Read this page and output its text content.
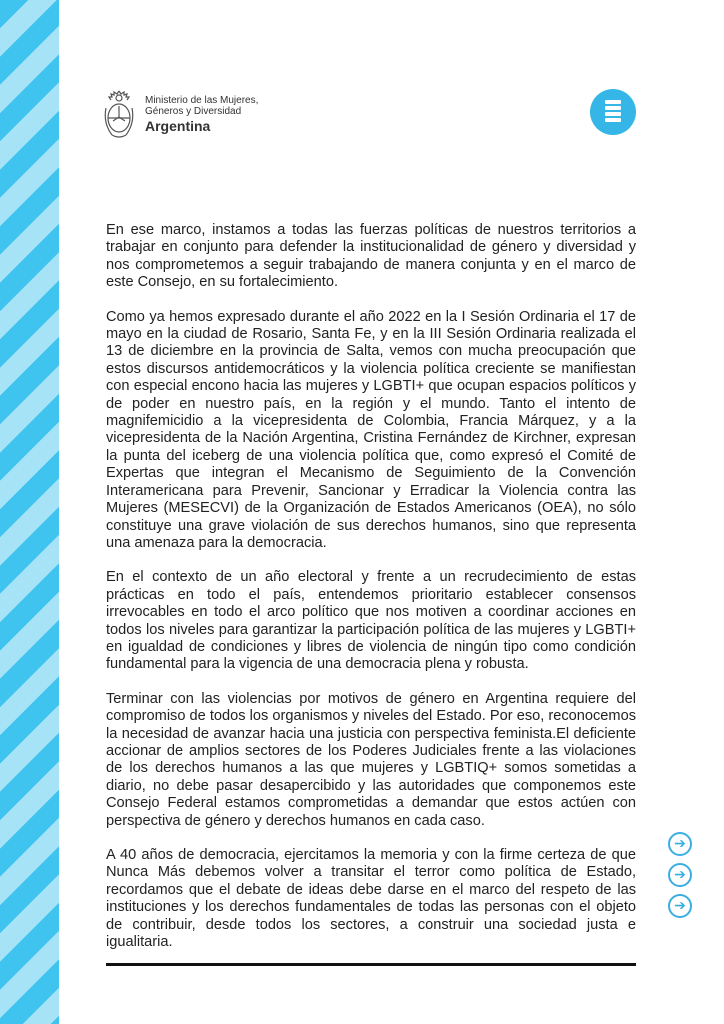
Ministerio de las Mujeres,
Géneros y Diversidad
Argentina

En ese marco, instamos a todas las fuerzas políticas de nuestros territorios a trabajar en conjunto para defender la institucionalidad de género y diversidad y nos comprometemos a seguir trabajando de manera conjunta y en el marco de este Consejo, en su fortalecimiento.

Como ya hemos expresado durante el año 2022 en la I Sesión Ordinaria el 17 de mayo en la ciudad de Rosario, Santa Fe, y en la III Sesión Ordinaria realizada el 13 de diciembre en la provincia de Salta, vemos con mucha preocupación que estos discursos antidemocráticos y la violencia política creciente se manifiestan con especial encono hacia las mujeres y LGBTI+ que ocupan espacios políticos y de poder en nuestro país, en la región y el mundo. Tanto el intento de magnifemicidio a la vicepresidenta de Colombia, Francia Márquez, y a la vicepresidenta de la Nación Argentina, Cristina Fernández de Kirchner, expresan la punta del iceberg de una violencia política que, como expresó el Comité de Expertas que integran el Mecanismo de Seguimiento de la Convención Interamericana para Prevenir, Sancionar y Erradicar la Violencia contra las Mujeres (MESECVI) de la Organización de Estados Americanos (OEA), no sólo constituye una grave violación de sus derechos humanos, sino que representa una amenaza para la democracia.

En el contexto de un año electoral y frente a un recrudecimiento de estas prácticas en todo el país, entendemos prioritario establecer consensos irrevocables en todo el arco político que nos motiven a coordinar acciones en todos los niveles para garantizar la participación política de las mujeres y LGBTI+ en igualdad de condiciones y libres de violencia de ningún tipo como condición fundamental para la vigencia de una democracia plena y robusta.

Terminar con las violencias por motivos de género en Argentina requiere del compromiso de todos los organismos y niveles del Estado. Por eso, reconocemos la necesidad de avanzar hacia una justicia con perspectiva feminista.El deficiente accionar de amplios sectores de los Poderes Judiciales frente a las violaciones de los derechos humanos a las que mujeres y LGBTIQ+ somos sometidas a diario, no debe pasar desapercibido y las autoridades que componemos este Consejo Federal estamos comprometidas a demandar que estos actúen con perspectiva de género y derechos humanos en cada caso.

A 40 años de democracia, ejercitamos la memoria y con la firme certeza de que Nunca Más debemos volver a transitar el terror como política de Estado, recordamos que el debate de ideas debe darse en el marco del respeto de las instituciones y los derechos fundamentales de todas las personas con el objeto de contribuir, desde todos los sectores, a construir una sociedad justa e igualitaria.

➔
➔
➔
